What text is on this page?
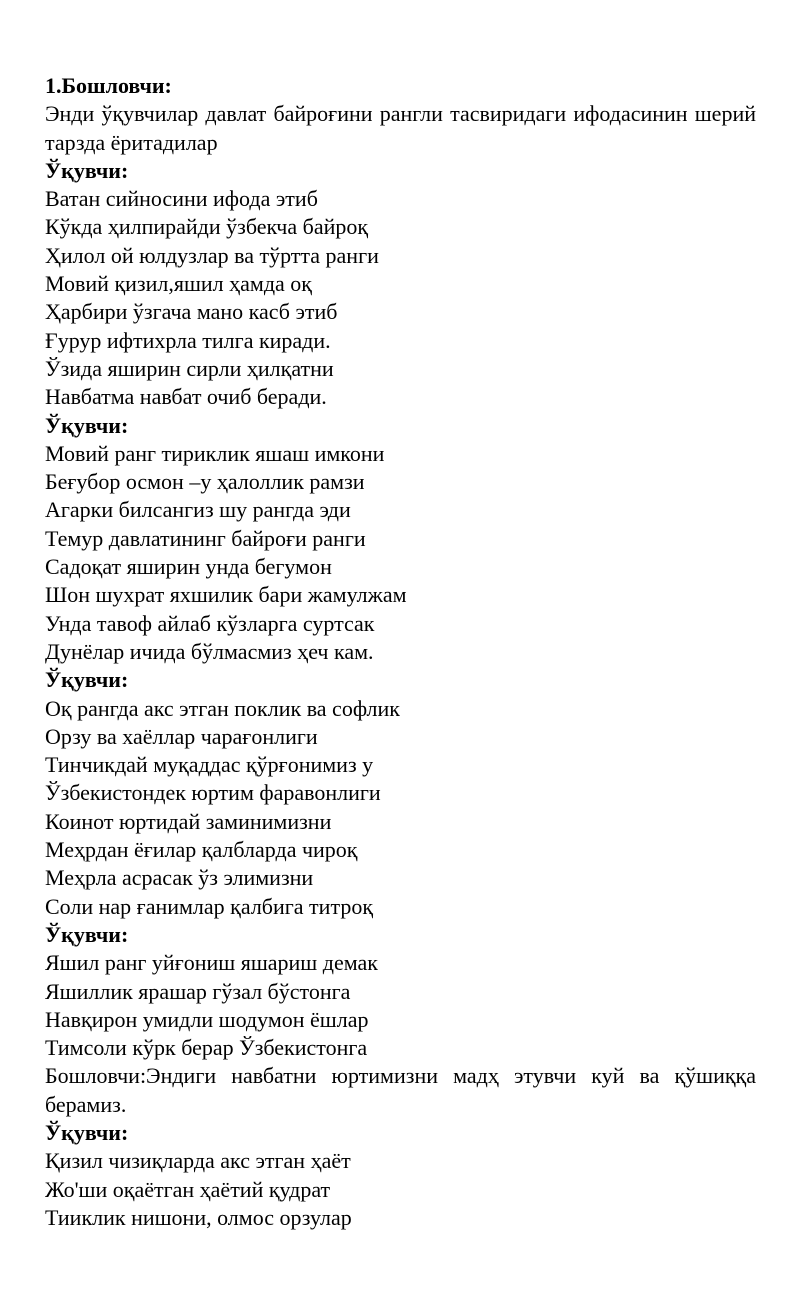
1.Бошловчи:
Энди ўқувчилар давлат байроғини рангли тасвиридаги ифодасинин шерий тарзда ёритадилар
Ўқувчи:
Ватан сийносини ифода этиб
Кўкда ҳилпирайди ўзбекча байроқ
Ҳилол ой юлдузлар ва тўртта ранги
Мовий қизил,яшил ҳамда оқ
Ҳарбири ўзгача мано касб этиб
Ғурур ифтихрла тилга киради.
Ўзида яширин сирли ҳилқатни
Навбатма навбат очиб беради.
Ўқувчи:
Мовий ранг тириклик яшаш имкони
Беғубор осмон –у ҳалоллик рамзи
Агарки билсангиз шу рангда эди
Темур давлатининг байроғи ранги
Садоқат яширин унда бегумон
Шон шухрат яхшилик бари жамулжам
Унда тавоф айлаб кўзларга суртсак
Дунёлар ичида бўлмасмиз ҳеч кам.
Ўқувчи:
Оқ рангда акс этган поклик ва софлик
Орзу ва хаёллар чарағонлиги
Тинчикдай муқаддас қўрғонимиз у
Ўзбекистондек юртим фаравонлиги
Коинот юртидай заминимизни
Меҳрдан ёғилар қалбларда чироқ
Меҳрла асрасак ўз элимизни
Соли нар ғанимлар қалбига титроқ
Ўқувчи:
Яшил ранг уйғониш яшариш демак
Яшиллик ярашар гўзал бўстонга
Навқирон умидли шодумон ёшлар
Тимсоли кўрк берар Ўзбекистонга
Бошловчи:Эндиги навбатни юртимизни мадҳ этувчи куй ва қўшиққа берамиз.
Ўқувчи:
Қизил чизиқларда акс этган ҳаёт
Жо'ши оқаётган ҳаётий қудрат
Тииклик нишони, олмос орзулар
